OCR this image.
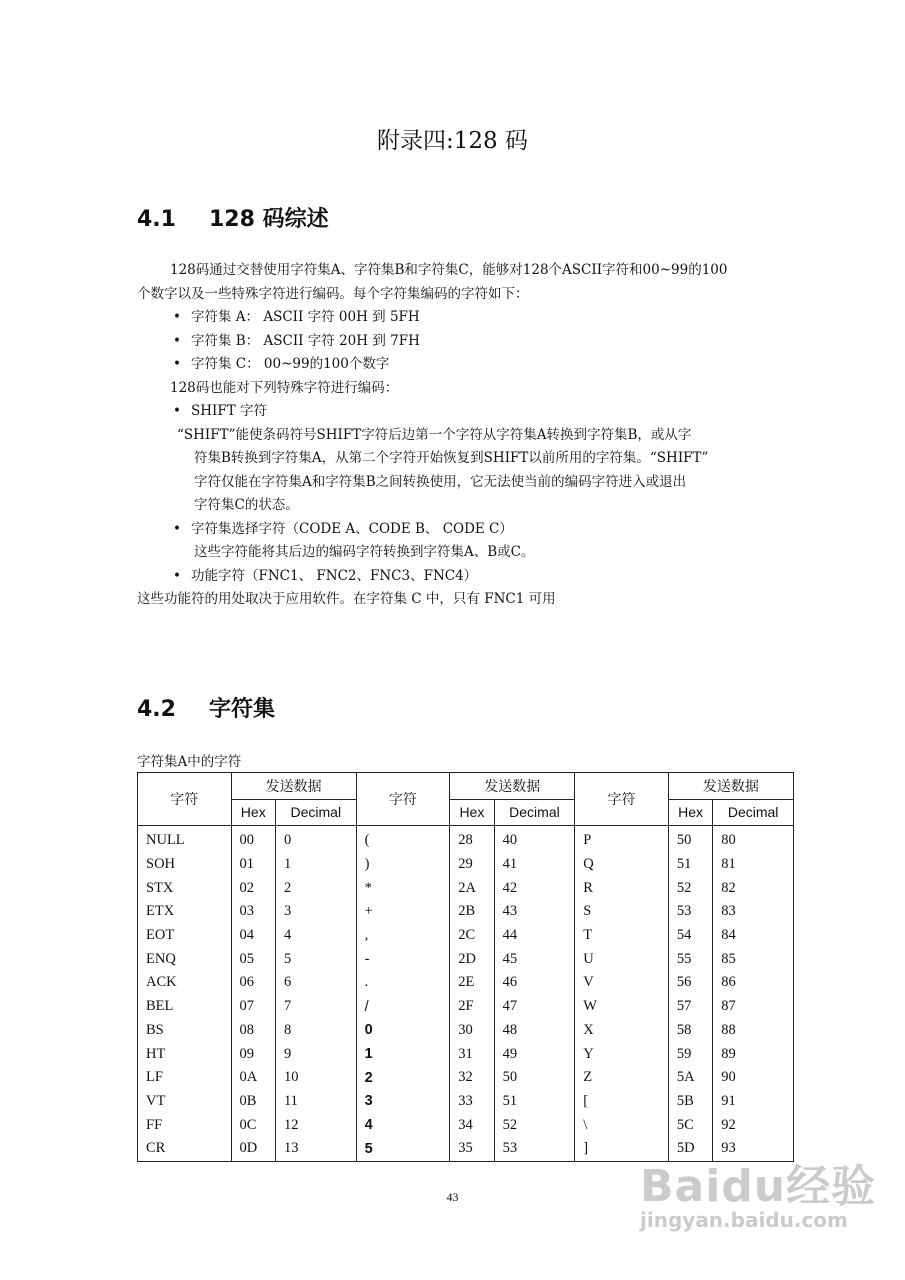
附录四:128 码
4.1 128 码综述

128码通过交替使用字符集A、字符集B和字符集C，能够对128个ASCII字符和00~99的100

个数字以及一些特殊字符进行编码。每个字符集编码的字符如下：

• 字符集 A： ASCII 字符 00H 到 5FH

• 字符集 B： ASCII 字符 20H 到 7FH

• 字符集 C： 00~99的100个数字

128码也能对下列特殊字符进行编码：

• SHIFT 字符

“SHIFT”能使条码符号SHIFT字符后边第一个字符从字符集A转换到字符集B，或从字

符集B转换到字符集A，从第二个字符开始恢复到SHIFT以前所用的字符集。“SHIFT”

字符仅能在字符集A和字符集B之间转换使用，它无法使当前的编码字符进入或退出

字符集C的状态。

• 字符集选择字符（CODE A、CODE B、 CODE C）

这些字符能将其后边的编码字符转换到字符集A、B或C。

• 功能字符（FNC1、 FNC2、FNC3、FNC4）

这些功能符的用处取决于应用软件。在字符集 C 中，只有 FNC1 可用

4.2 字符集
字符集A中的字符
字符	发送数据		字符	发送数据		字符	发送数据	
	Hex	Decimal		Hex	Decimal		Hex	Decimal
NULL	00	0	(	28	40	P	50	80
SOH	01	1	)	29	41	Q	51	81
STX	02	2	*	2A	42	R	52	82
ETX	03	3	+	2B	43	S	53	83
EOT	04	4	,	2C	44	T	54	84
ENQ	05	5	-	2D	45	U	55	85
ACK	06	6	.	2E	46	V	56	86
BEL	07	7	/	2F	47	W	57	87
BS	08	8	0	30	48	X	58	88
HT	09	9	1	31	49	Y	59	89
LF	0A	10	2	32	50	Z	5A	90
VT	0B	11	3	33	51	[	5B	91
FF	0C	12	4	34	52	\	5C	92
CR	0D	13	5	35	53	]	5D	93
43	Baidu经验
jingyan.baidu.com
